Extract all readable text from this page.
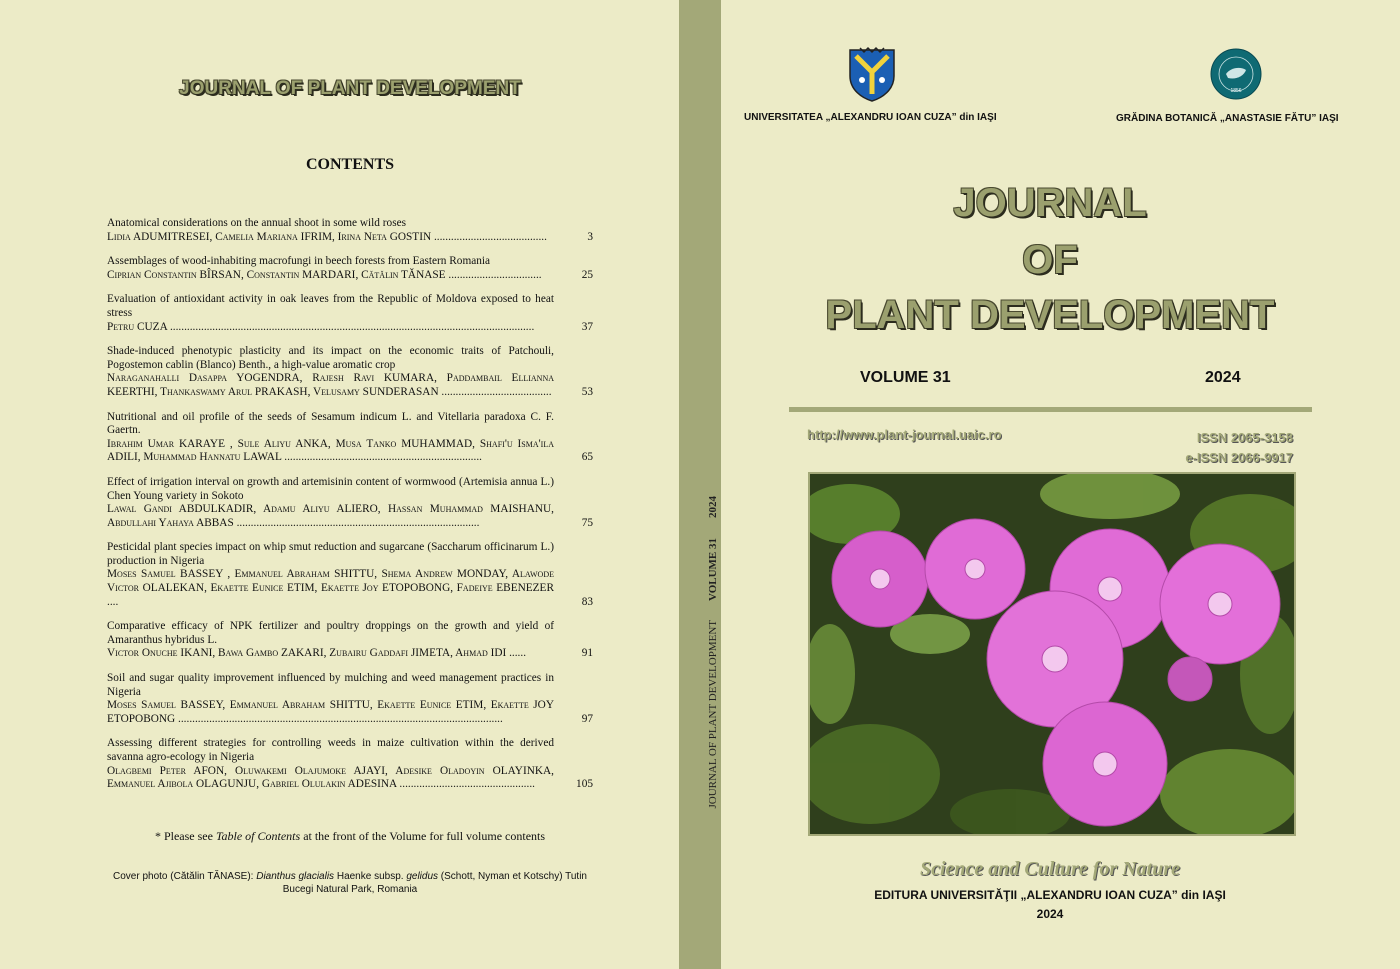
JOURNAL OF PLANT DEVELOPMENT
CONTENTS
Anatomical considerations on the annual shoot in some wild roses
Lidia ADUMITRESEI, Camelia Mariana IFRIM, Irina Neta GOSTIN ........................................	3
Assemblages of wood-inhabiting macrofungi in beech forests from Eastern Romania
Ciprian Constantin BÎRSAN, Constantin MARDARI, Cătălin TĂNASE .................................	25
Evaluation of antioxidant activity in oak leaves from the Republic of Moldova exposed to heat stress
Petru CUZA .................................................................................................................................	37
Shade-induced phenotypic plasticity and its impact on the economic traits of Patchouli, Pogostemon cablin (Blanco) Benth., a high-value aromatic crop
Naraganahalli Dasappa YOGENDRA, Rajesh Ravi KUMARA, Paddambail Ellianna KEERTHI, Thankaswamy Arul PRAKASH, Velusamy SUNDERASAN .......................................	53
Nutritional and oil profile of the seeds of Sesamum indicum L. and Vitellaria paradoxa C. F. Gaertn.
Ibrahim Umar KARAYE , Sule Aliyu ANKA, Musa Tanko MUHAMMAD, Shafi'u Isma'ila ADILI, Muhammad Hannatu LAWAL ......................................................................	65
Effect of irrigation interval on growth and artemisinin content of wormwood (Artemisia annua L.) Chen Young variety in Sokoto
Lawal Gandi ABDULKADIR, Adamu Aliyu ALIERO, Hassan Muhammad MAISHANU, Abdullahi Yahaya ABBAS ......................................................................................	75
Pesticidal plant species impact on whip smut reduction and sugarcane (Saccharum officinarum L.) production in Nigeria
Moses Samuel BASSEY , Emmanuel Abraham SHITTU, Shema Andrew MONDAY, Alawode Victor OLALEKAN, Ekaette Eunice ETIM, Ekaette Joy ETOPOBONG, Fadeiye EBENEZER ....	83
Comparative efficacy of NPK fertilizer and poultry droppings on the growth and yield of Amaranthus hybridus L.
Victor Onuche IKANI, Bawa Gambo ZAKARI, Zubairu Gaddafi JIMETA, Ahmad IDI ......	91
Soil and sugar quality improvement influenced by mulching and weed management practices in Nigeria
Moses Samuel BASSEY, Emmanuel Abraham SHITTU, Ekaette Eunice ETIM, Ekaette JOY ETOPOBONG ...................................................................................................................	97
Assessing different strategies for controlling weeds in maize cultivation within the derived savanna agro-ecology in Nigeria
Olagbemi Peter AFON, Oluwakemi Olajumoke AJAYI, Adesike Oladoyin OLAYINKA, Emmanuel Ajibola OLAGUNJU, Gabriel Olulakin ADESINA ................................................	105
* Please see Table of Contents at the front of the Volume for full volume contents
Cover photo (Cătălin TĂNASE): Dianthus glacialis Haenke subsp. gelidus (Schott, Nyman et Kotschy) Tutin
Bucegi Natural Park, Romania
JOURNAL OF PLANT DEVELOPMENT
VOLUME 31
2024
1856
UNIVERSITATEA „ALEXANDRU IOAN CUZA” din IAŞI	GRĂDINA BOTANICĂ „ANASTASIE FĂTU” IAŞI
JOURNAL
OF
PLANT DEVELOPMENT
VOLUME 31	2024
http://www.plant-journal.uaic.ro	ISSN 2065-3158
e-ISSN 2066-9917
Science and Culture for Nature
EDITURA UNIVERSITĂŢII „ALEXANDRU IOAN CUZA” din IAŞI
2024
